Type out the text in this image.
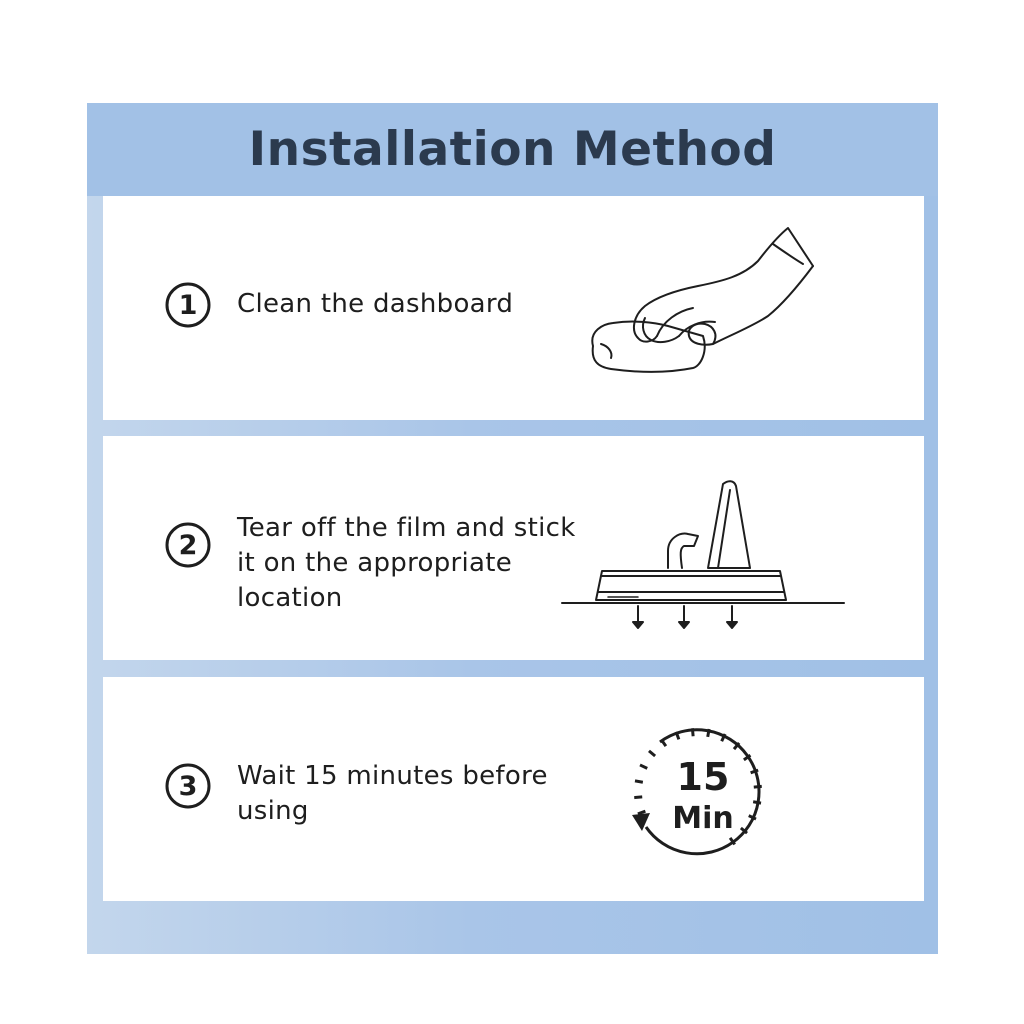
Installation Method
1 Clean the dashboard
2
Tear off the film and stick
it on the appropriate
location
3 Wait 15 minutes before
using
15
Min
